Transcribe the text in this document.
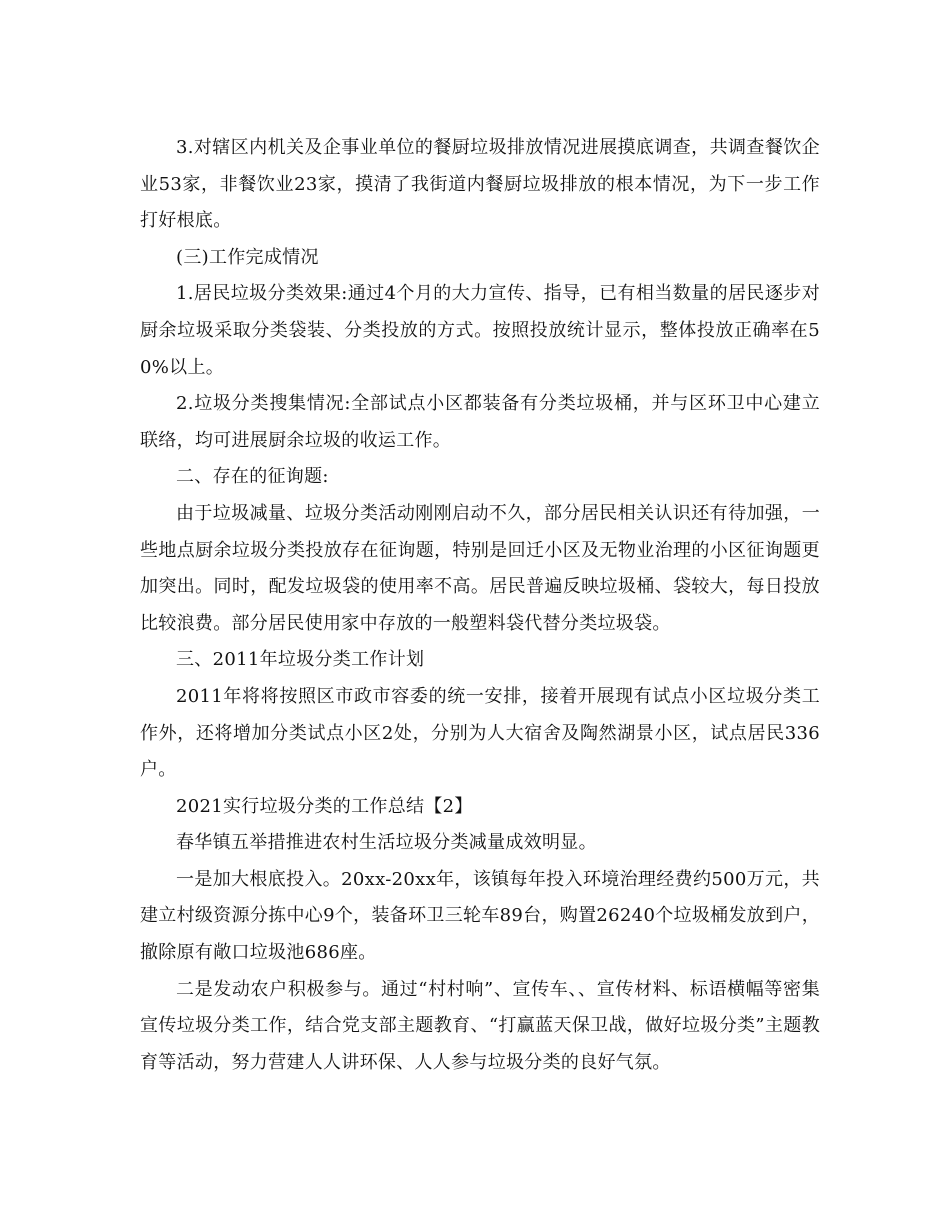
3.对辖区内机关及企事业单位的餐厨垃圾排放情况进展摸底调查，共调查餐饮企业53家，非餐饮业23家，摸清了我街道内餐厨垃圾排放的根本情况，为下一步工作打好根底。

(三)工作完成情况

1.居民垃圾分类效果:通过4个月的大力宣传、指导，已有相当数量的居民逐步对厨余垃圾采取分类袋装、分类投放的方式。按照投放统计显示，整体投放正确率在50%以上。

2.垃圾分类搜集情况:全部试点小区都装备有分类垃圾桶，并与区环卫中心建立联络，均可进展厨余垃圾的收运工作。

二、存在的征询题:

由于垃圾减量、垃圾分类活动刚刚启动不久，部分居民相关认识还有待加强，一些地点厨余垃圾分类投放存在征询题，特别是回迁小区及无物业治理的小区征询题更加突出。同时，配发垃圾袋的使用率不高。居民普遍反映垃圾桶、袋较大，每日投放比较浪费。部分居民使用家中存放的一般塑料袋代替分类垃圾袋。

三、2011年垃圾分类工作计划

2011年将将按照区市政市容委的统一安排，接着开展现有试点小区垃圾分类工作外，还将增加分类试点小区2处，分别为人大宿舍及陶然湖景小区，试点居民336户。

2021实行垃圾分类的工作总结【2】

春华镇五举措推进农村生活垃圾分类减量成效明显。

一是加大根底投入。20xx-20xx年，该镇每年投入环境治理经费约500万元，共建立村级资源分拣中心9个，装备环卫三轮车89台，购置26240个垃圾桶发放到户，撤除原有敞口垃圾池686座。

二是发动农户积极参与。通过“村村响”、宣传车、、宣传材料、标语横幅等密集宣传垃圾分类工作，结合党支部主题教育、“打赢蓝天保卫战，做好垃圾分类”主题教育等活动，努力营建人人讲环保、人人参与垃圾分类的良好气氛。
